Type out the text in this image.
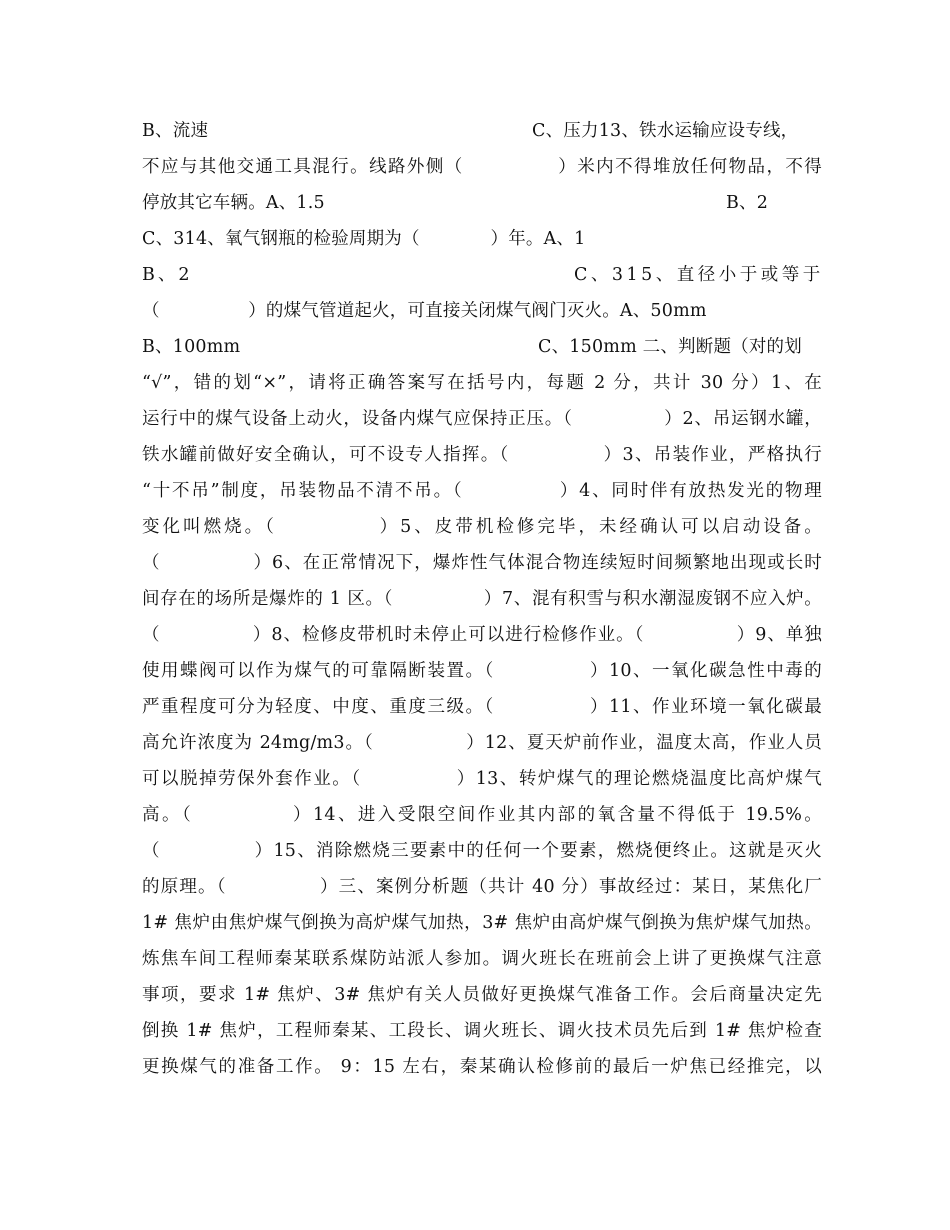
B、流速

	C、压力13、铁水运输应设专线，

不应与其他交通工具混行。线路外侧（　　　　　）米内不得堆放任何物品，不得

停放其它车辆。A、1.5

	B、2

C、314、氧气钢瓶的检验周期为（　　　　）年。A、1

B、2

	C、315、直径小于或等于

（　　　　　）的煤气管道起火，可直接关闭煤气阀门灭火。A、50mm

B、100mm

	C、150mm 二、判断题（对的划

“√”，错的划“×”，请将正确答案写在括号内，每题 2 分，共计 30 分）1、在
运行中的煤气设备上动火，设备内煤气应保持正压。（　　　　　）2、吊运钢水罐，
铁水罐前做好安全确认，可不设专人指挥。（　　　　　）3、吊装作业，严格执行
“十不吊”制度，吊装物品不清不吊。（　　　　　）4、同时伴有放热发光的物理
变化叫燃烧。（　　　　　）5、皮带机检修完毕，未经确认可以启动设备。
（　　　　　）6、在正常情况下，爆炸性气体混合物连续短时间频繁地出现或长时
间存在的场所是爆炸的 1 区。（　　　　　）7、混有积雪与积水潮湿废钢不应入炉。
（　　　　　）8、检修皮带机时未停止可以进行检修作业。（　　　　　）9、单独
使用蝶阀可以作为煤气的可靠隔断装置。（　　　　　）10、一氧化碳急性中毒的
严重程度可分为轻度、中度、重度三级。（　　　　　）11、作业环境一氧化碳最
高允许浓度为 24mg/m3。（　　　　　）12、夏天炉前作业，温度太高，作业人员
可以脱掉劳保外套作业。（　　　　　）13、转炉煤气的理论燃烧温度比高炉煤气
高。（　　　　　）14、进入受限空间作业其内部的氧含量不得低于 19.5%。
（　　　　　）15、消除燃烧三要素中的任何一个要素，燃烧便终止。这就是灭火
的原理。（　　　　　）三、案例分析题（共计 40 分）事故经过：某日，某焦化厂
1# 焦炉由焦炉煤气倒换为高炉煤气加热，3# 焦炉由高炉煤气倒换为焦炉煤气加热。
炼焦车间工程师秦某联系煤防站派人参加。调火班长在班前会上讲了更换煤气注意
事项，要求 1# 焦炉、3# 焦炉有关人员做好更换煤气准备工作。会后商量决定先
倒换 1# 焦炉，工程师秦某、工段长、调火班长、调火技术员先后到 1# 焦炉检查
更换煤气的准备工作。 9：15 左右，秦某确认检修前的最后一炉焦已经推完，以
